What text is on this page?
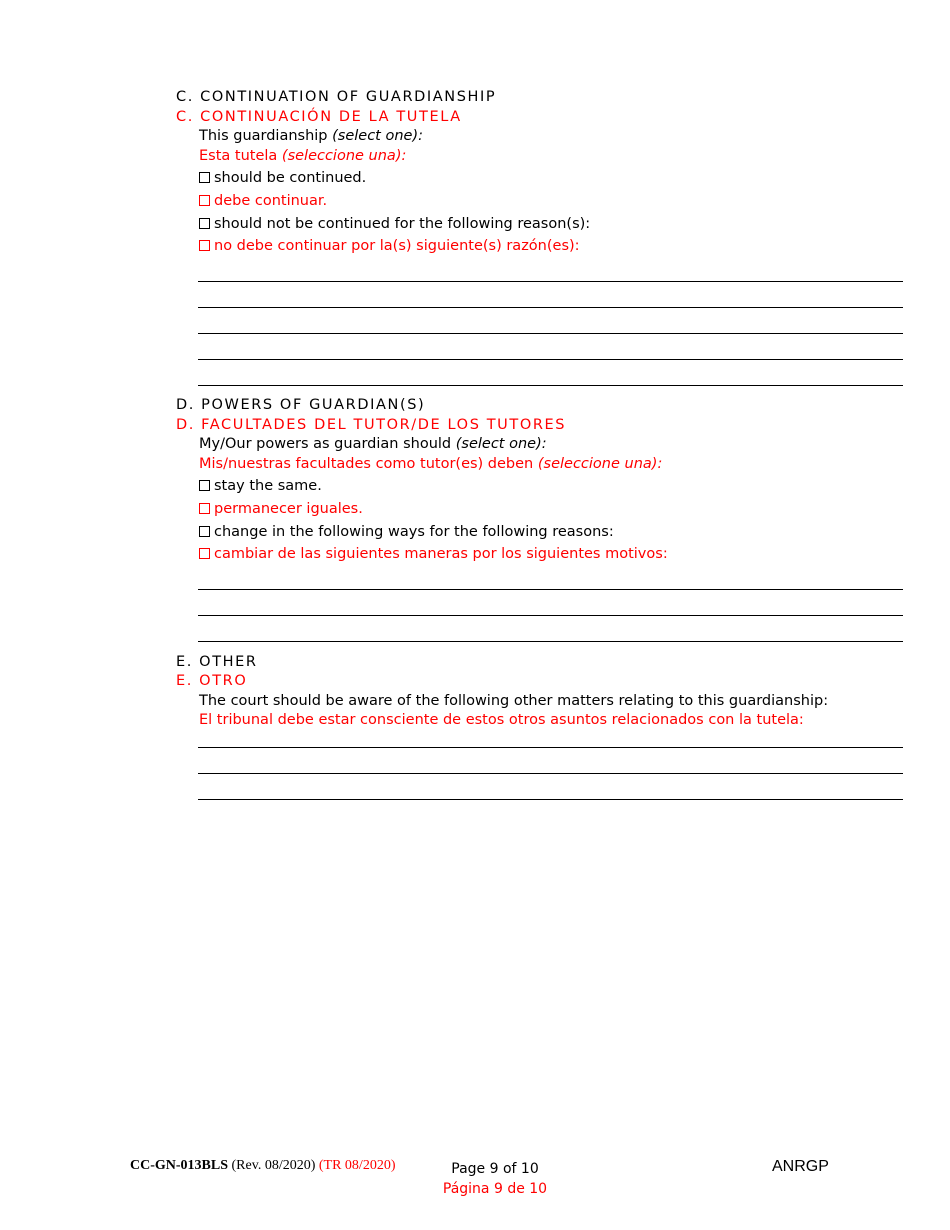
C. CONTINUATION OF GUARDIANSHIP
C. CONTINUACIÓN DE LA TUTELA
This guardianship (select one):
Esta tutela (seleccione una):
should be continued.
debe continuar.
should not be continued for the following reason(s):
no debe continuar por la(s) siguiente(s) razón(es):
D. POWERS OF GUARDIAN(S)
D. FACULTADES DEL TUTOR/DE LOS TUTORES
My/Our powers as guardian should (select one):
Mis/nuestras facultades como tutor(es) deben (seleccione una):
stay the same.
permanecer iguales.
change in the following ways for the following reasons:
cambiar de las siguientes maneras por los siguientes motivos:
E. OTHER
E. OTRO
The court should be aware of the following other matters relating to this guardianship:
El tribunal debe estar consciente de estos otros asuntos relacionados con la tutela:
CC-GN-013BLS (Rev. 08/2020) (TR 08/2020)	Page 9 of 10
Página 9 de 10
ANRGP
